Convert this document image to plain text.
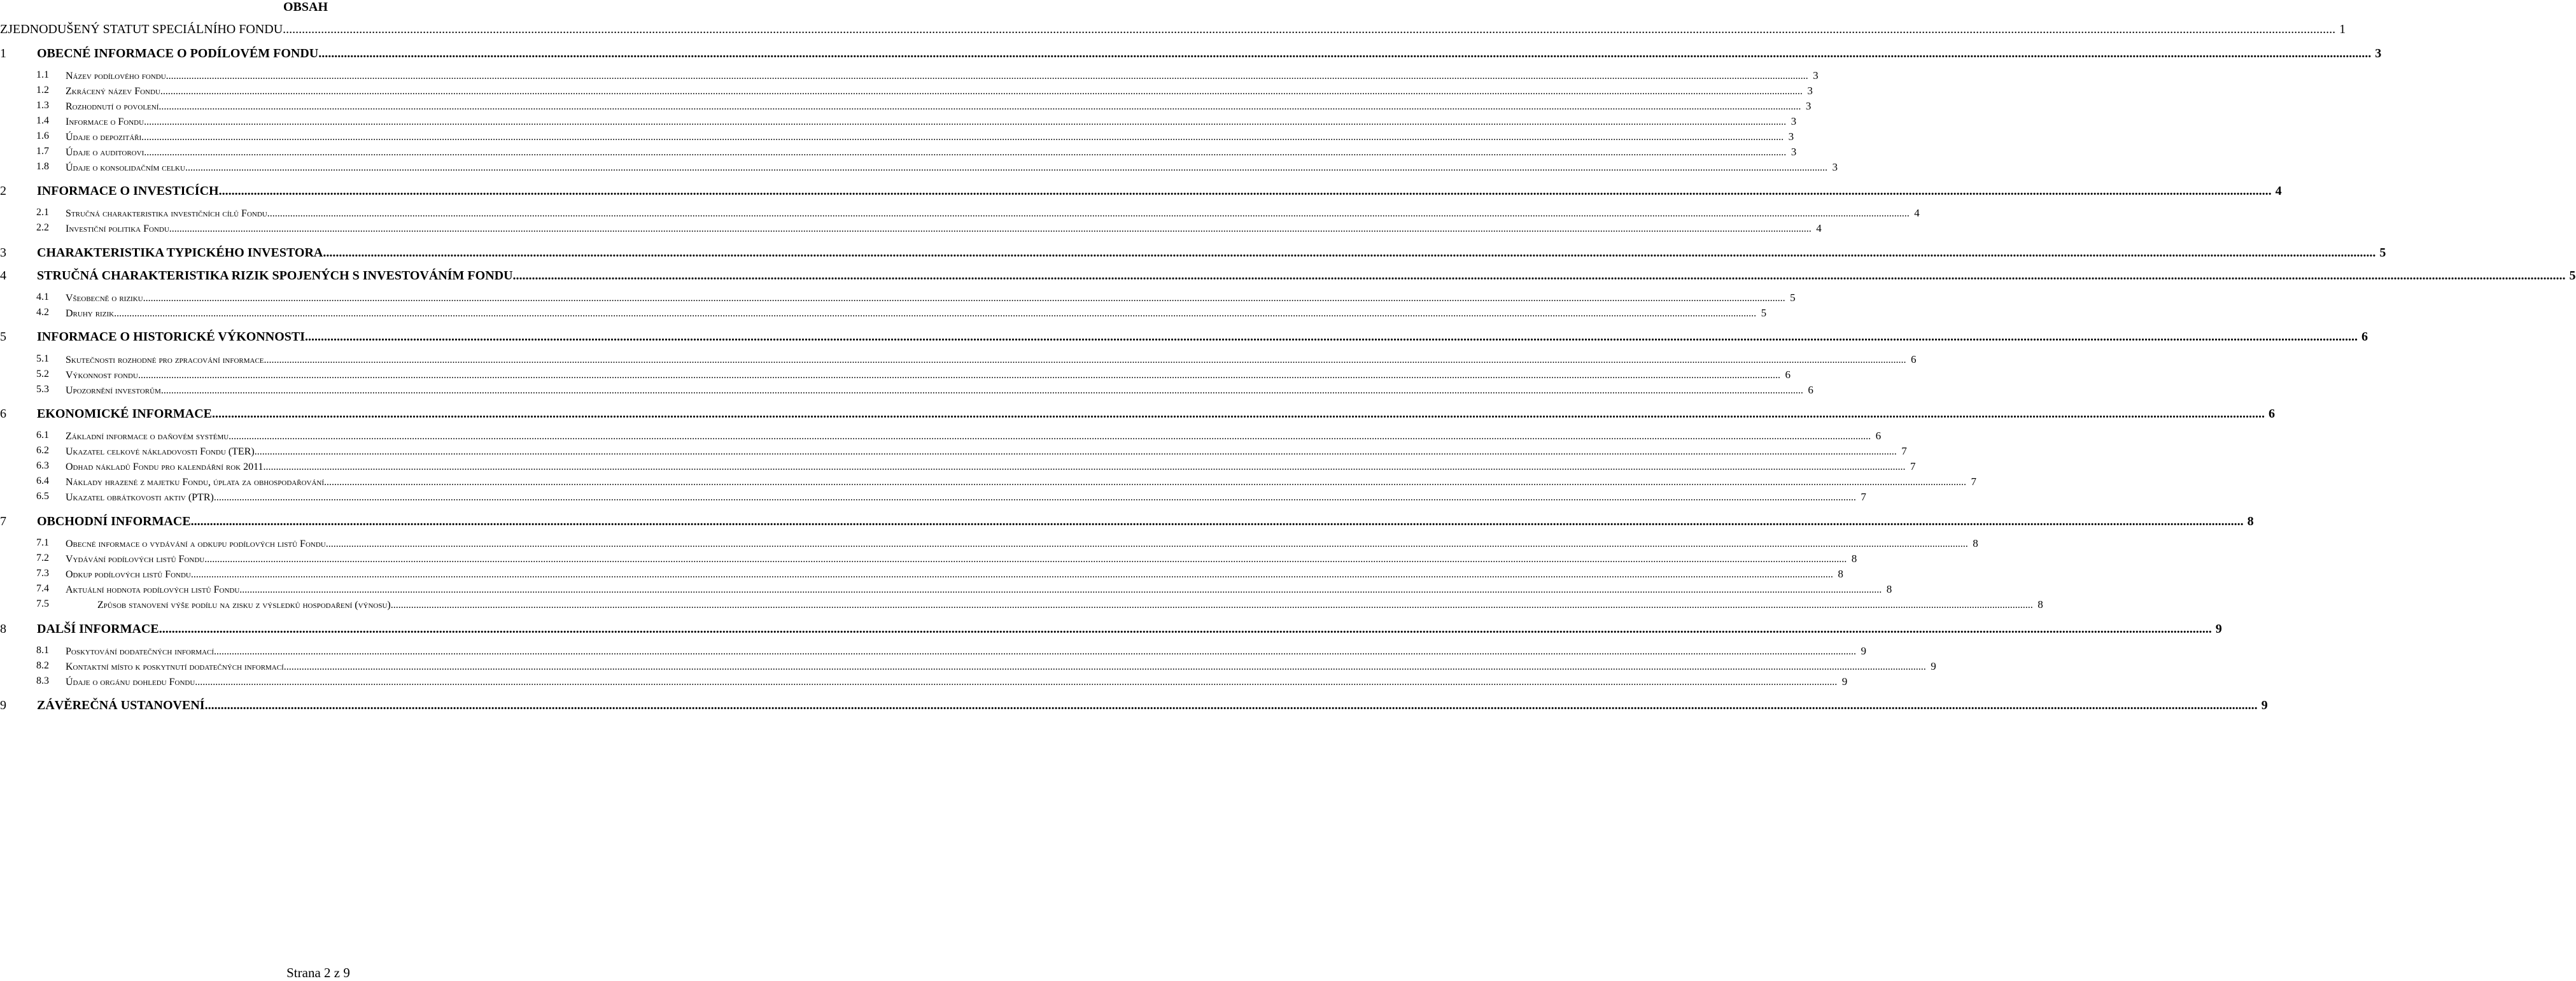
OBSAH
ZJEDNODUŠENÝ STATUT SPECIÁLNÍHO FONDU .....	1
1 OBECNÉ INFORMACE O PODÍLOVÉM FONDU .....	3
1.1 Název podílového fondu .....	3
1.2 Zkrácený název Fondu .....	3
1.3 Rozhodnutí o povolení .....	3
1.4 Informace o Fondu .....	3
1.6 Údaje o depozitáři .....	3
1.7 Údaje o auditorovi .....	3
1.8 Údaje o konsolidačním celku .....	3
2 INFORMACE O INVESTICÍCH .....	4
2.1 Stručná charakteristika investičních cílů Fondu .....	4
2.2 Investiční politika Fondu .....	4
3 CHARAKTERISTIKA TYPICKÉHO INVESTORA .....	5
4 STRUČNÁ CHARAKTERISTIKA RIZIK SPOJENÝCH S INVESTOVÁNÍM FONDU .....	5
4.1 Všeobecně o riziku .....	5
4.2 Druhy rizik .....	5
5 INFORMACE O HISTORICKÉ VÝKONNOSTI .....	6
5.1 Skutečnosti rozhodné pro zpracování informace .....	6
5.2 Výkonnost fondu .....	6
5.3 Upozornění investorům .....	6
6 EKONOMICKÉ INFORMACE .....	6
6.1 Základní informace o daňovém systému .....	6
6.2 Ukazatel celkové nákladovosti Fondu (TER) .....	7
6.3 Odhad nákladů Fondu pro kalendářní rok 2011 .....	7
6.4 Náklady hrazené z majetku Fondu, úplata za obhospodařování .....	7
6.5 Ukazatel obrátkovosti aktiv (PTR) .....	7
7 OBCHODNÍ INFORMACE .....	8
7.1 Obecné informace o vydávání a odkupu podílových listů Fondu .....	8
7.2 Vydávání podílových listů Fondu .....	8
7.3 Odkup podílových listů Fondu .....	8
7.4 Aktuální hodnota podílových listů Fondu .....	8
7.5	Způsob stanovení výše podílu na zisku z výsledků hospodaření (výnosu) .....	8
8 DALŠÍ INFORMACE .....	9
8.1 Poskytování dodatečných informací .....	9
8.2 Kontaktní místo k poskytnutí dodatečných informací .....	9
8.3 Údaje o orgánu dohledu Fondu .....	9
9 ZÁVĚREČNÁ USTANOVENÍ .....	9
Strana 2 z 9
